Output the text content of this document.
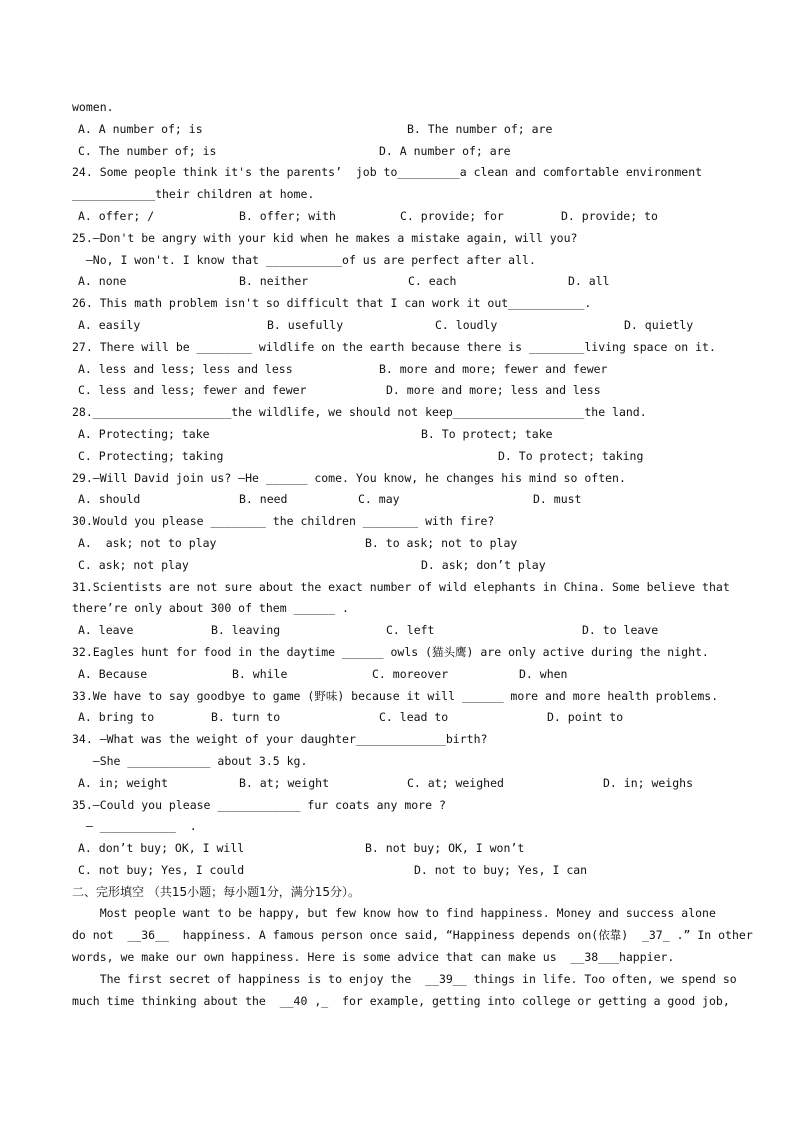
women.
A. A number of; is	B. The number of; are
C. The number of; is	D. A number of; are
24. Some people think it's the parents’  job to_________a clean and comfortable environment
____________their children at home.
A. offer; /	B. offer; with	C. provide; for	D. provide; to
25.—Don't be angry with your kid when he makes a mistake again, will you?
—No, I won't. I know that ___________of us are perfect after all.
A. none	B. neither	C. each	D. all
26. This math problem isn't so difficult that I can work it out___________.
A. easily	B. usefully	C. loudly	D. quietly
27. There will be ________ wildlife on the earth because there is ________living space on it.
A. less and less; less and less	B. more and more; fewer and fewer
C. less and less; fewer and fewer	D. more and more; less and less
28.____________________the wildlife, we should not keep___________________the land.
A. Protecting; take	B. To protect; take
C. Protecting; taking	D. To protect; taking
29.—Will David join us? —He ______ come. You know, he changes his mind so often.
A. should	B. need	C. may	D. must
30.Would you please ________ the children ________ with fire?
A.  ask; not to play	B. to ask; not to play
C. ask; not play	D. ask; don’t play
31.Scientists are not sure about the exact number of wild elephants in China. Some believe that
there’re only about 300 of them ______ .
A. leave	B. leaving	C. left	D. to leave
32.Eagles hunt for food in the daytime ______ owls (猫头鹰) are only active during the night.
A. Because	B. while	C. moreover	D. when
33.We have to say goodbye to game (野味) because it will ______ more and more health problems.
A. bring to	B. turn to	C. lead to	D. point to
34. —What was the weight of your daughter_____________birth?
—She ____________ about 3.5 kg.
A. in; weight	B. at; weight	C. at; weighed	D. in; weighs
35.—Could you please ____________ fur coats any more ?
— ___________  .
A. don’t buy; OK, I will	B. not buy; OK, I won’t
C. not buy; Yes, I could	D. not to buy; Yes, I can
二、完形填空 （共15小题；每小题1分，满分15分）。
Most people want to be happy, but few know how to find happiness. Money and success alone
do not  __36__  happiness. A famous person once said, “Happiness depends on(依靠)  _37_ .” In other
words, we make our own happiness. Here is some advice that can make us  __38___happier.
The first secret of happiness is to enjoy the  __39__ things in life. Too often, we spend so
much time thinking about the  __40 ,_  for example, getting into college or getting a good job,
